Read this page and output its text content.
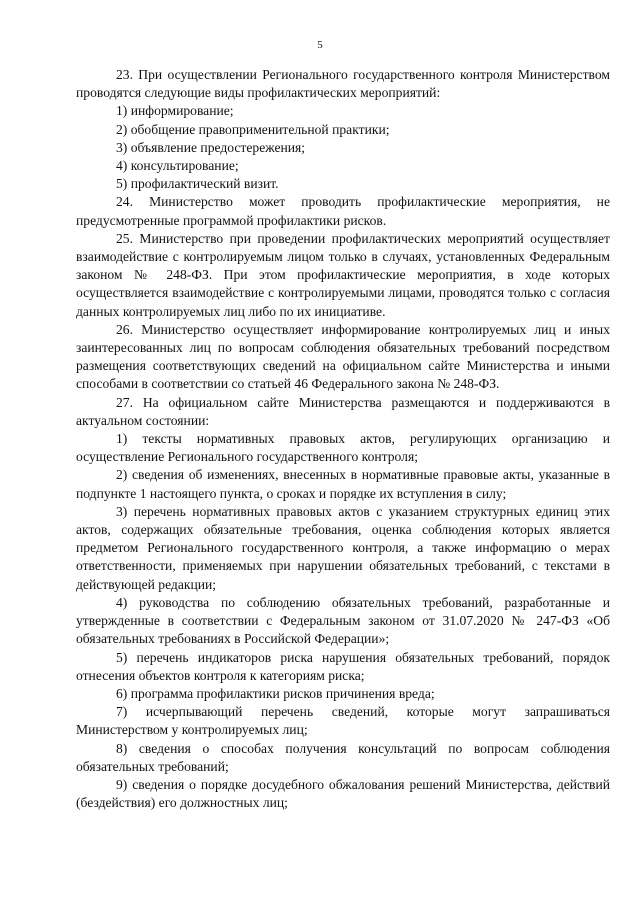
5

23. При осуществлении Регионального государственного контроля Министерством проводятся следующие виды профилактических мероприятий:

1) информирование;

2) обобщение правоприменительной практики;

3) объявление предостережения;

4) консультирование;

5) профилактический визит.

24. Министерство может проводить профилактические мероприятия, не предусмотренные программой профилактики рисков.

25. Министерство при проведении профилактических мероприятий осуществляет взаимодействие с контролируемым лицом только в случаях, установленных Федеральным законом № 248-ФЗ. При этом профилактические мероприятия, в ходе которых осуществляется взаимодействие с контролируемыми лицами, проводятся только с согласия данных контролируемых лиц либо по их инициативе.

26. Министерство осуществляет информирование контролируемых лиц и иных заинтересованных лиц по вопросам соблюдения обязательных требований посредством размещения соответствующих сведений на официальном сайте Министерства и иными способами в соответствии со статьей 46 Федерального закона № 248-ФЗ.

27. На официальном сайте Министерства размещаются и поддерживаются в актуальном состоянии:

1) тексты нормативных правовых актов, регулирующих организацию и осуществление Регионального государственного контроля;

2) сведения об изменениях, внесенных в нормативные правовые акты, указанные в подпункте 1 настоящего пункта, о сроках и порядке их вступления в силу;

3) перечень нормативных правовых актов с указанием структурных единиц этих актов, содержащих обязательные требования, оценка соблюдения которых является предметом Регионального государственного контроля, а также информацию о мерах ответственности, применяемых при нарушении обязательных требований, с текстами в действующей редакции;

4) руководства по соблюдению обязательных требований, разработанные и утвержденные в соответствии с Федеральным законом от 31.07.2020 № 247-ФЗ «Об обязательных требованиях в Российской Федерации»;

5) перечень индикаторов риска нарушения обязательных требований, порядок отнесения объектов контроля к категориям риска;

6) программа профилактики рисков причинения вреда;

7) исчерпывающий перечень сведений, которые могут запрашиваться Министерством у контролируемых лиц;

8) сведения о способах получения консультаций по вопросам соблюдения обязательных требований;

9) сведения о порядке досудебного обжалования решений Министерства, действий (бездействия) его должностных лиц;
